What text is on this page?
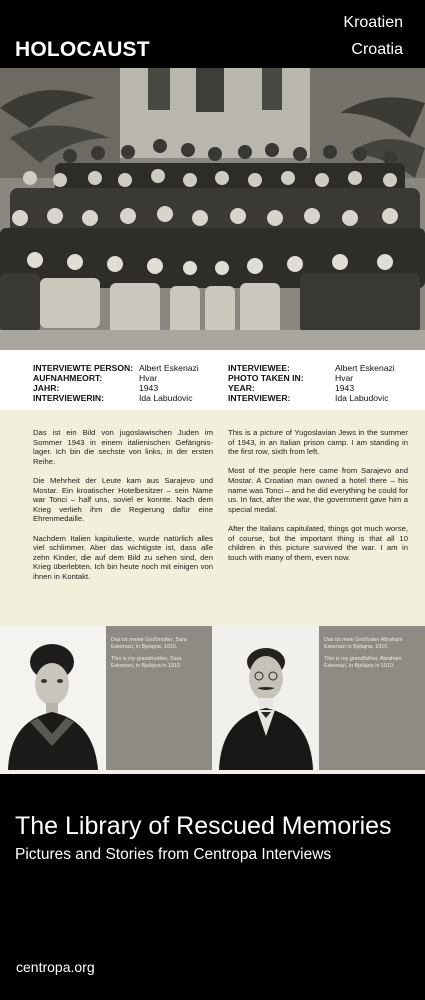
HOLOCAUST
Kroatien
Croatia
INTERVIEWTE PERSON:
AUFNAHMEORT:
JAHR:
INTERVIEWERIN:
Albert Eskenazi
Hvar
1943
Ida Labudovic
INTERVIEWEE:
PHOTO TAKEN IN:
YEAR:
INTERVIEWER:
Albert Eskenazi
Hvar
1943
Ida Labudovic

Das ist ein Bild von jugoslawischen Juden im Sommer 1943 in einem italienischen Gefängnis-lager. Ich bin die sechste von links, in der ersten Reihe.

Die Mehrheit der Leute kam aus Sarajevo und Mostar. Ein kroatischer Hotelbesitzer – sein Name war Tonci – half uns, soviel er konnte. Nach dem Krieg verlieh ihm die Regierung dafür eine Ehrenmedaille.

Nachdem Italien kapitulierte, wurde natürlich alles viel schlimmer. Aber das wichtigste ist, dass alle zehn Kinder, die auf dem Bild zu sehen sind, den Krieg überlebten. Ich bin heute noch mit einigen von ihnen in Kontakt.

This is a picture of Yugoslavian Jews in the summer of 1943, in an Italian prison camp. I am standing in the first row, sixth from left.

Most of the people here came from Sarajevo and Mostar. A Croatian man owned a hotel there – his name was Tonci – and he did everything he could for us. In fact, after the war, the government gave him a special medal.

After the Italians capitulated, things got much worse, of course, but the important thing is that all 10 children in this picture survived the war. I am in touch with many of them, even now.

Das ist meine Großmutter, Sara Eskenazi, in Bjelajna, 1910.

This is my grandmother, Sara Eskenazi, in Bjelajna in 1910.

Das ist mein Großvater Abraham Eskenazi in Bjelajna, 1910.

This is my grandfather, Abraham Eskenazi, in Bjelajna in 1910.

The Library of Rescued Memories
Pictures and Stories from Centropa Interviews
centropa.org
